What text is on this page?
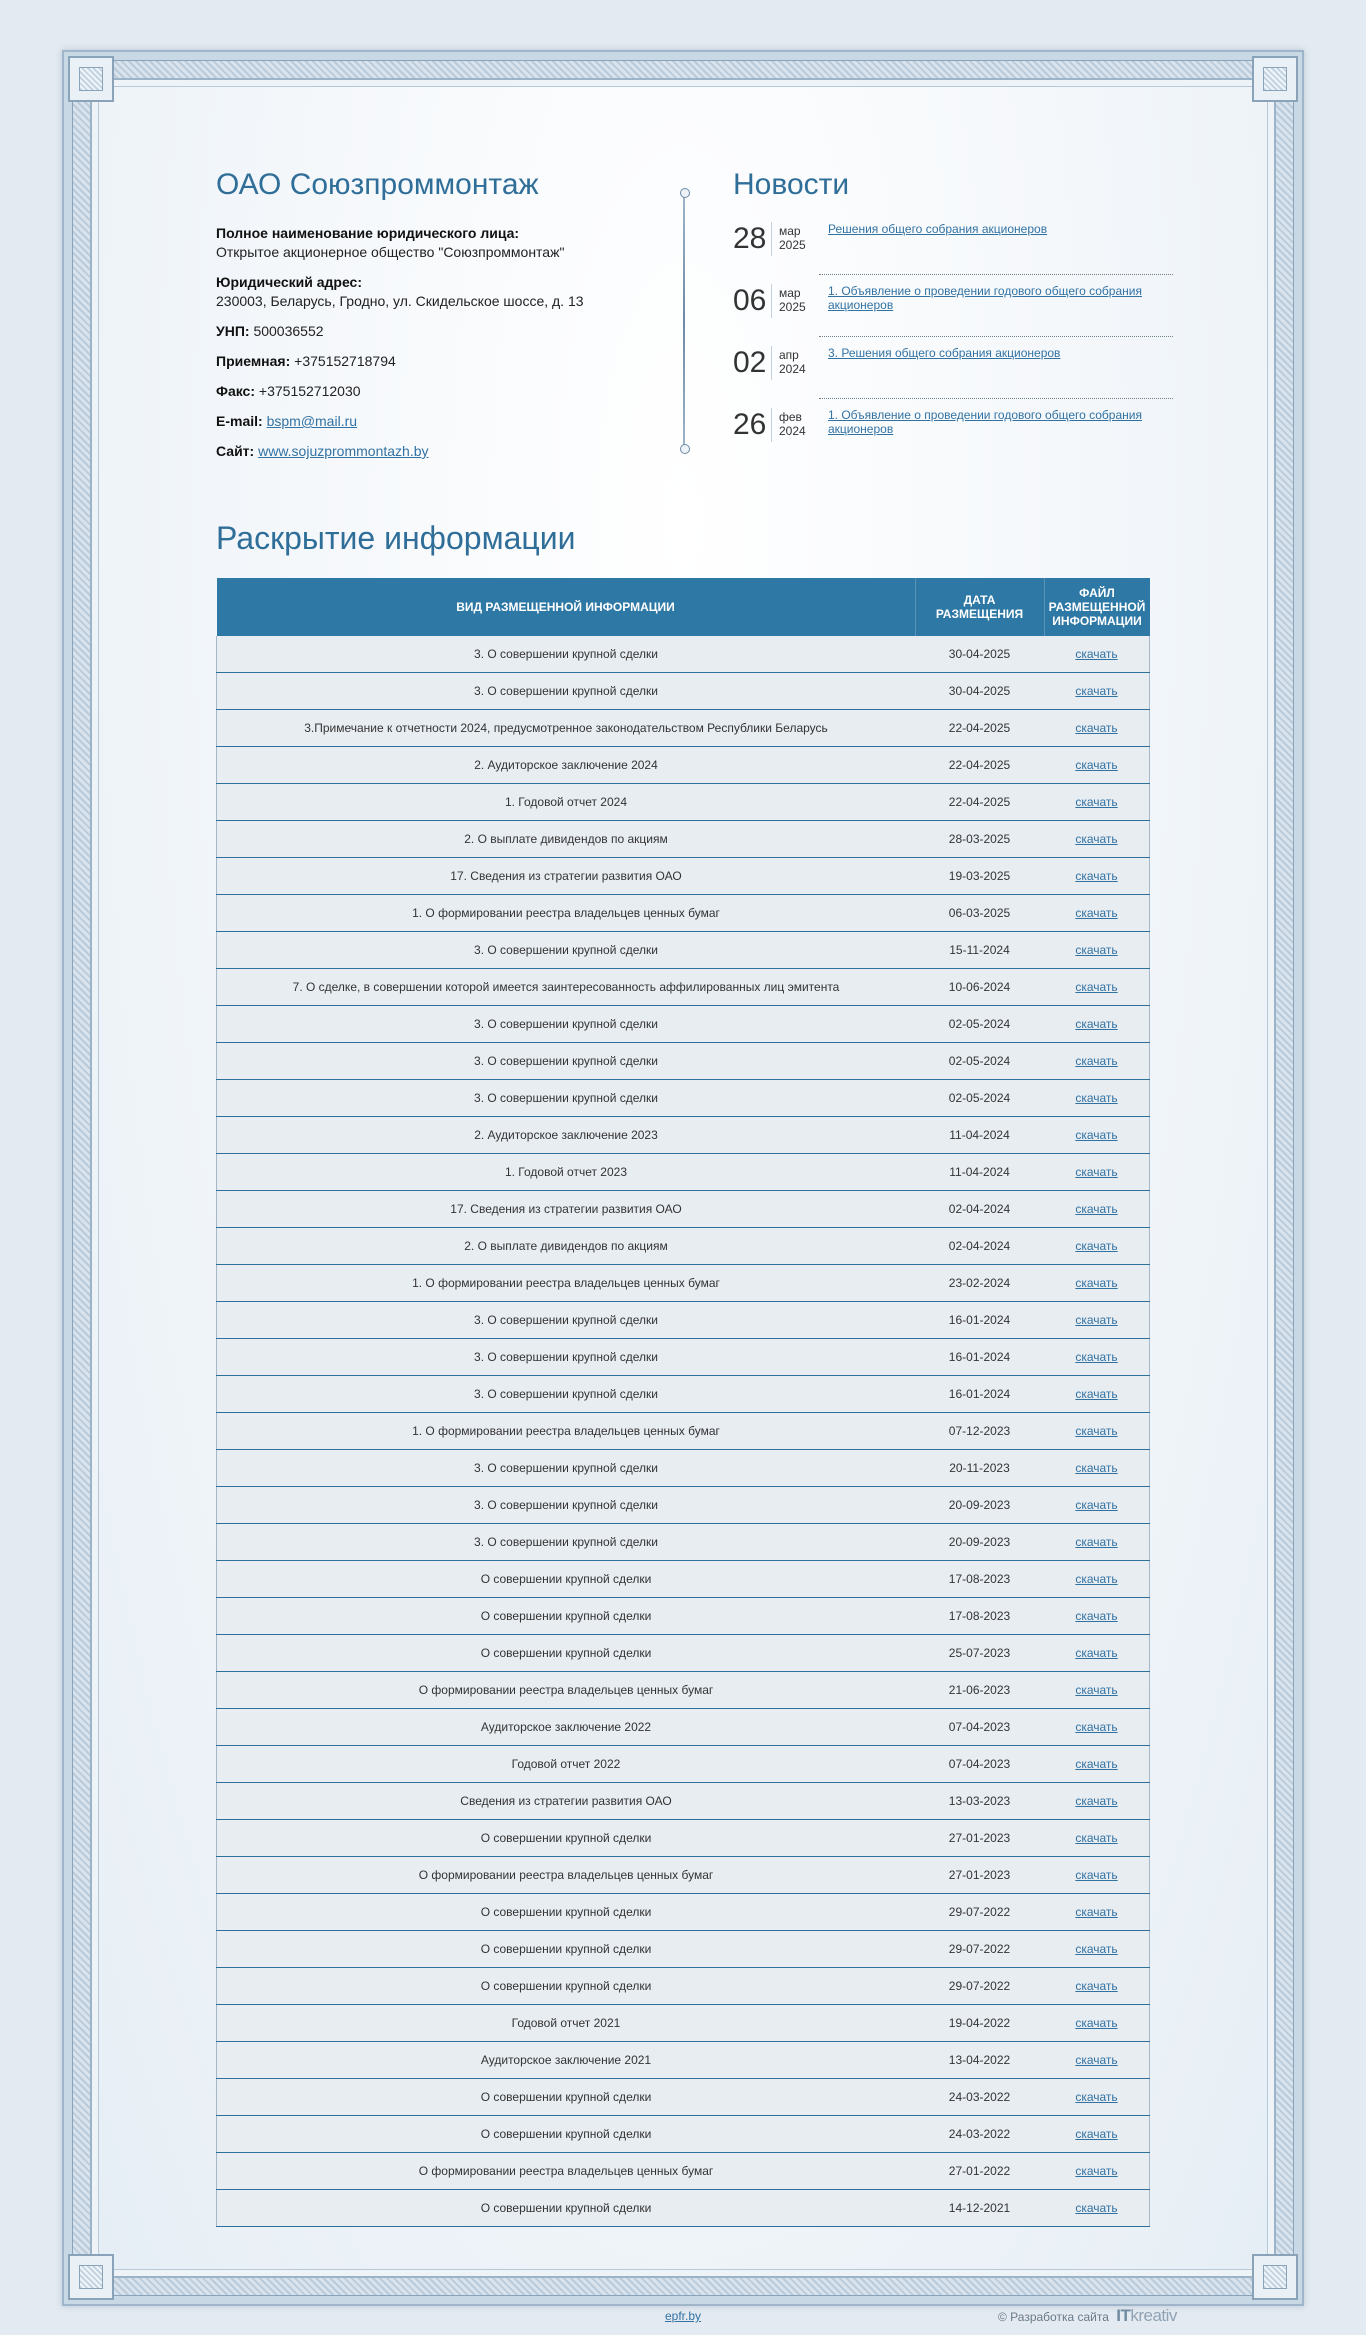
ОАО Союзпроммонтаж
Полное наименование юридического лица:
Открытое акционерное общество "Союзпроммонтаж"
Юридический адрес:
230003, Беларусь, Гродно, ул. Скидельское шоссе, д. 13
УНП: 500036552
Приемная: +375152718794
Факс: +375152712030
E-mail: bspm@mail.ru
Сайт: www.sojuzprommontazh.by
Новости
28	мар
2025
Решения общего собрания акционеров
06	мар
2025
1. Объявление о проведении годового общего собрания акционеров
02	апр
2024
3. Решения общего собрания акционеров
26	фев
2024
1. Объявление о проведении годового общего собрания акционеров
Раскрытие информации
ВИД РАЗМЕЩЕННОЙ ИНФОРМАЦИИ	ДАТА РАЗМЕЩЕНИЯ	ФАЙЛ РАЗМЕЩЕННОЙ ИНФОРМАЦИИ
3. О совершении крупной сделки	30-04-2025	скачать
3. О совершении крупной сделки	30-04-2025	скачать
3.Примечание к отчетности 2024, предусмотренное законодательством Республики Беларусь	22-04-2025	скачать
2. Аудиторское заключение 2024	22-04-2025	скачать
1. Годовой отчет 2024	22-04-2025	скачать
2. О выплате дивидендов по акциям	28-03-2025	скачать
17. Сведения из стратегии развития ОАО	19-03-2025	скачать
1. О формировании реестра владельцев ценных бумаг	06-03-2025	скачать
3. О совершении крупной сделки	15-11-2024	скачать
7. О сделке, в совершении которой имеется заинтересованность аффилированных лиц эмитента	10-06-2024	скачать
3. О совершении крупной сделки	02-05-2024	скачать
3. О совершении крупной сделки	02-05-2024	скачать
3. О совершении крупной сделки	02-05-2024	скачать
2. Аудиторское заключение 2023	11-04-2024	скачать
1. Годовой отчет 2023	11-04-2024	скачать
17. Сведения из стратегии развития ОАО	02-04-2024	скачать
2. О выплате дивидендов по акциям	02-04-2024	скачать
1. О формировании реестра владельцев ценных бумаг	23-02-2024	скачать
3. О совершении крупной сделки	16-01-2024	скачать
3. О совершении крупной сделки	16-01-2024	скачать
3. О совершении крупной сделки	16-01-2024	скачать
1. О формировании реестра владельцев ценных бумаг	07-12-2023	скачать
3. О совершении крупной сделки	20-11-2023	скачать
3. О совершении крупной сделки	20-09-2023	скачать
3. О совершении крупной сделки	20-09-2023	скачать
О совершении крупной сделки	17-08-2023	скачать
О совершении крупной сделки	17-08-2023	скачать
О совершении крупной сделки	25-07-2023	скачать
О формировании реестра владельцев ценных бумаг	21-06-2023	скачать
Аудиторское заключение 2022	07-04-2023	скачать
Годовой отчет 2022	07-04-2023	скачать
Сведения из стратегии развития ОАО	13-03-2023	скачать
О совершении крупной сделки	27-01-2023	скачать
О формировании реестра владельцев ценных бумаг	27-01-2023	скачать
О совершении крупной сделки	29-07-2022	скачать
О совершении крупной сделки	29-07-2022	скачать
О совершении крупной сделки	29-07-2022	скачать
Годовой отчет 2021	19-04-2022	скачать
Аудиторское заключение 2021	13-04-2022	скачать
О совершении крупной сделки	24-03-2022	скачать
О совершении крупной сделки	24-03-2022	скачать
О формировании реестра владельцев ценных бумаг	27-01-2022	скачать
О совершении крупной сделки	14-12-2021	скачать
epfr.by	© Разработка сайта ITkreativ
